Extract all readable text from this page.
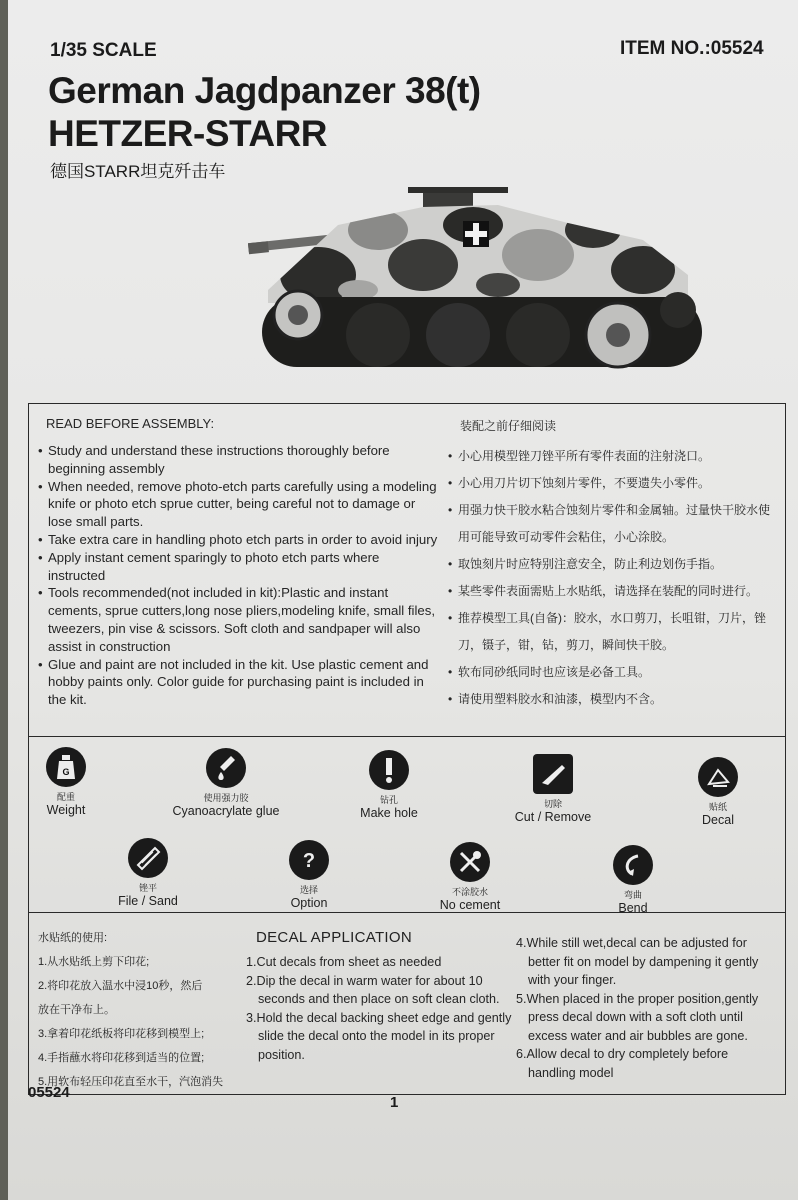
1/35 SCALE	ITEM NO.:05524
German Jagdpanzer 38(t)
HETZER-STARR
德国STARR坦克歼击车
READ BEFORE ASSEMBLY:
• Study and understand these instructions thoroughly before beginning assembly
• When needed, remove photo-etch parts carefully using a modeling knife or photo etch sprue cutter, being careful not to damage or lose small parts.
• Take extra care in handling photo etch parts in order to avoid injury
• Apply instant cement sparingly to photo etch parts where instructed
• Tools recommended(not included in kit):Plastic and instant cements, sprue cutters,long nose pliers,modeling knife, small files, tweezers, pin vise & scissors. Soft cloth and sandpaper will also assist in construction
• Glue and paint are not included in the kit. Use plastic cement and hobby paints only. Color guide for purchasing paint is included in the kit.
装配之前仔细阅读
• 小心用模型锉刀锉平所有零件表面的注射浇口。
• 小心用刀片切下蚀刻片零件，不要遗失小零件。
• 用强力快干胶水粘合蚀刻片零件和金属轴。过量快干胶水使用可能导致可动零件会粘住，小心涂胶。
• 取蚀刻片时应特别注意安全，防止利边划伤手指。
• 某些零件表面需贴上水贴纸，请选择在装配的同时进行。
• 推荐模型工具(自备)：胶水，水口剪刀，长咀钳，刀片，锉刀，镊子，钳，钻，剪刀，瞬间快干胶。
• 软布同砂纸同时也应该是必备工具。
• 请使用塑料胶水和油漆，模型内不含。
G
配重
Weight
使用强力胶
Cyanoacrylate glue
钻孔
Make hole
切除
Cut / Remove
贴纸
Decal
锉平
File / Sand
?
选择
Option
不涂胶水
No cement
弯曲
Bend
水贴纸的使用:
1.从水贴纸上剪下印花;
2.将印花放入温水中浸10秒，然后
放在干净布上。
3.拿着印花纸板将印花移到模型上;
4.手指蘸水将印花移到适当的位置;
5.用软布轻压印花直至水干，汽泡消失
DECAL APPLICATION
1.Cut decals from sheet as needed
2.Dip the decal in warm water for about 10 seconds and then place on soft clean cloth.
3.Hold the decal backing sheet edge and gently slide the decal onto the model in its proper position.
4.While still wet,decal can be adjusted for better fit on model by dampening it gently with your finger.
5.When placed in the proper position,gently press decal down with a soft cloth until excess water and air bubbles are gone.
6.Allow decal to dry completely before handling model
05524
1
